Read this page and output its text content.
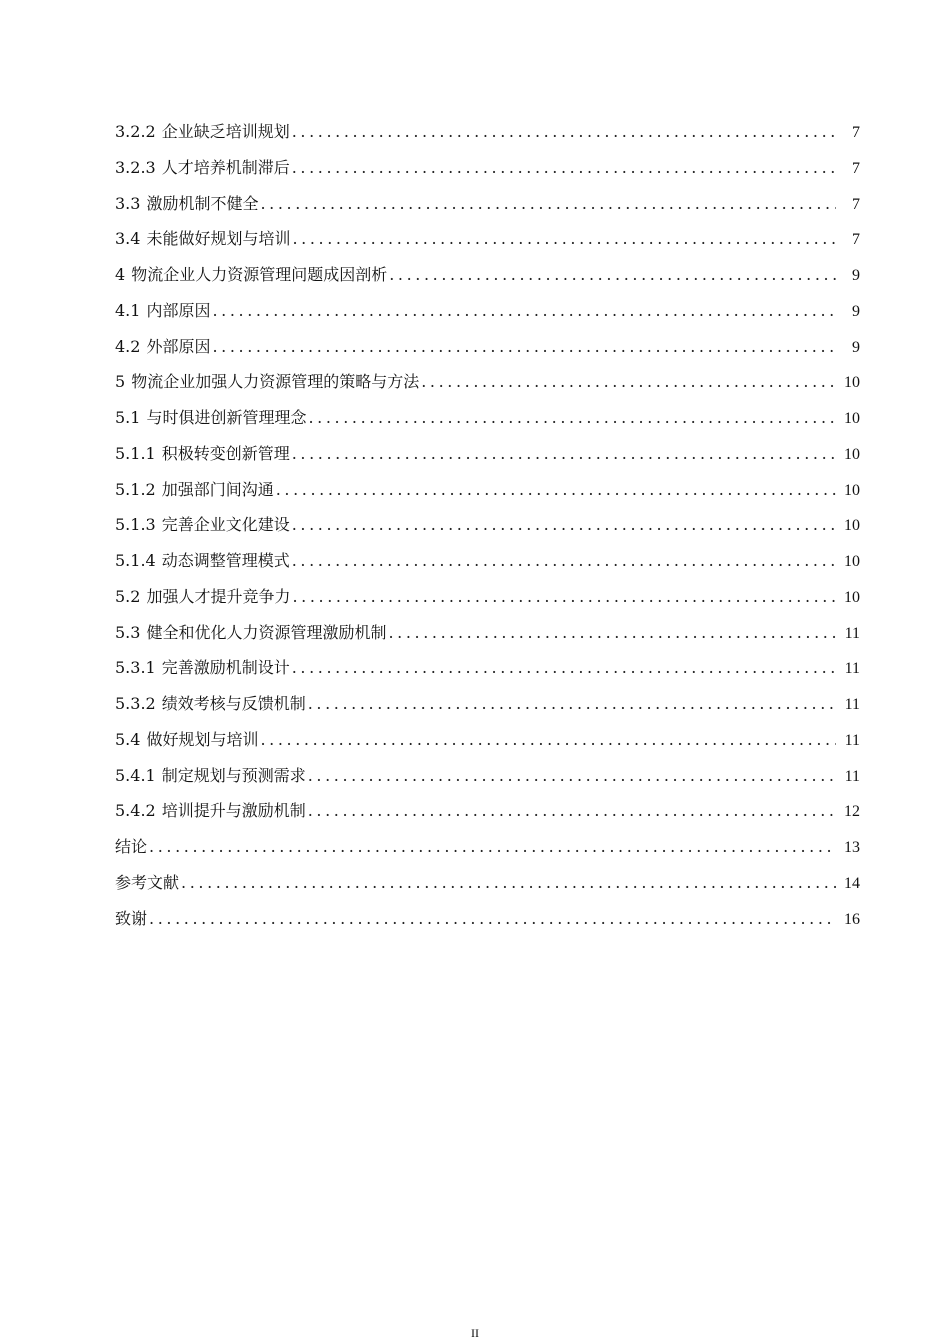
3.2.2 企业缺乏培训规划 .....	7
3.2.3 人才培养机制滞后 .....	7
3.3 激励机制不健全 .....	7
3.4 未能做好规划与培训 .....	7
4 物流企业人力资源管理问题成因剖析 .....	9
4.1 内部原因 .....	9
4.2 外部原因 .....	9
5 物流企业加强人力资源管理的策略与方法 .....	10
5.1 与时俱进创新管理理念 .....	10
5.1.1 积极转变创新管理 .....	10
5.1.2 加强部门间沟通 .....	10
5.1.3 完善企业文化建设 .....	10
5.1.4 动态调整管理模式 .....	10
5.2 加强人才提升竞争力 .....	10
5.3 健全和优化人力资源管理激励机制 .....	11
5.3.1 完善激励机制设计 .....	11
5.3.2 绩效考核与反馈机制 .....	11
5.4 做好规划与培训 .....	11
5.4.1 制定规划与预测需求 .....	11
5.4.2 培训提升与激励机制 .....	12
结论 .....	13
参考文献 .....	14
致谢 .....	16
II
